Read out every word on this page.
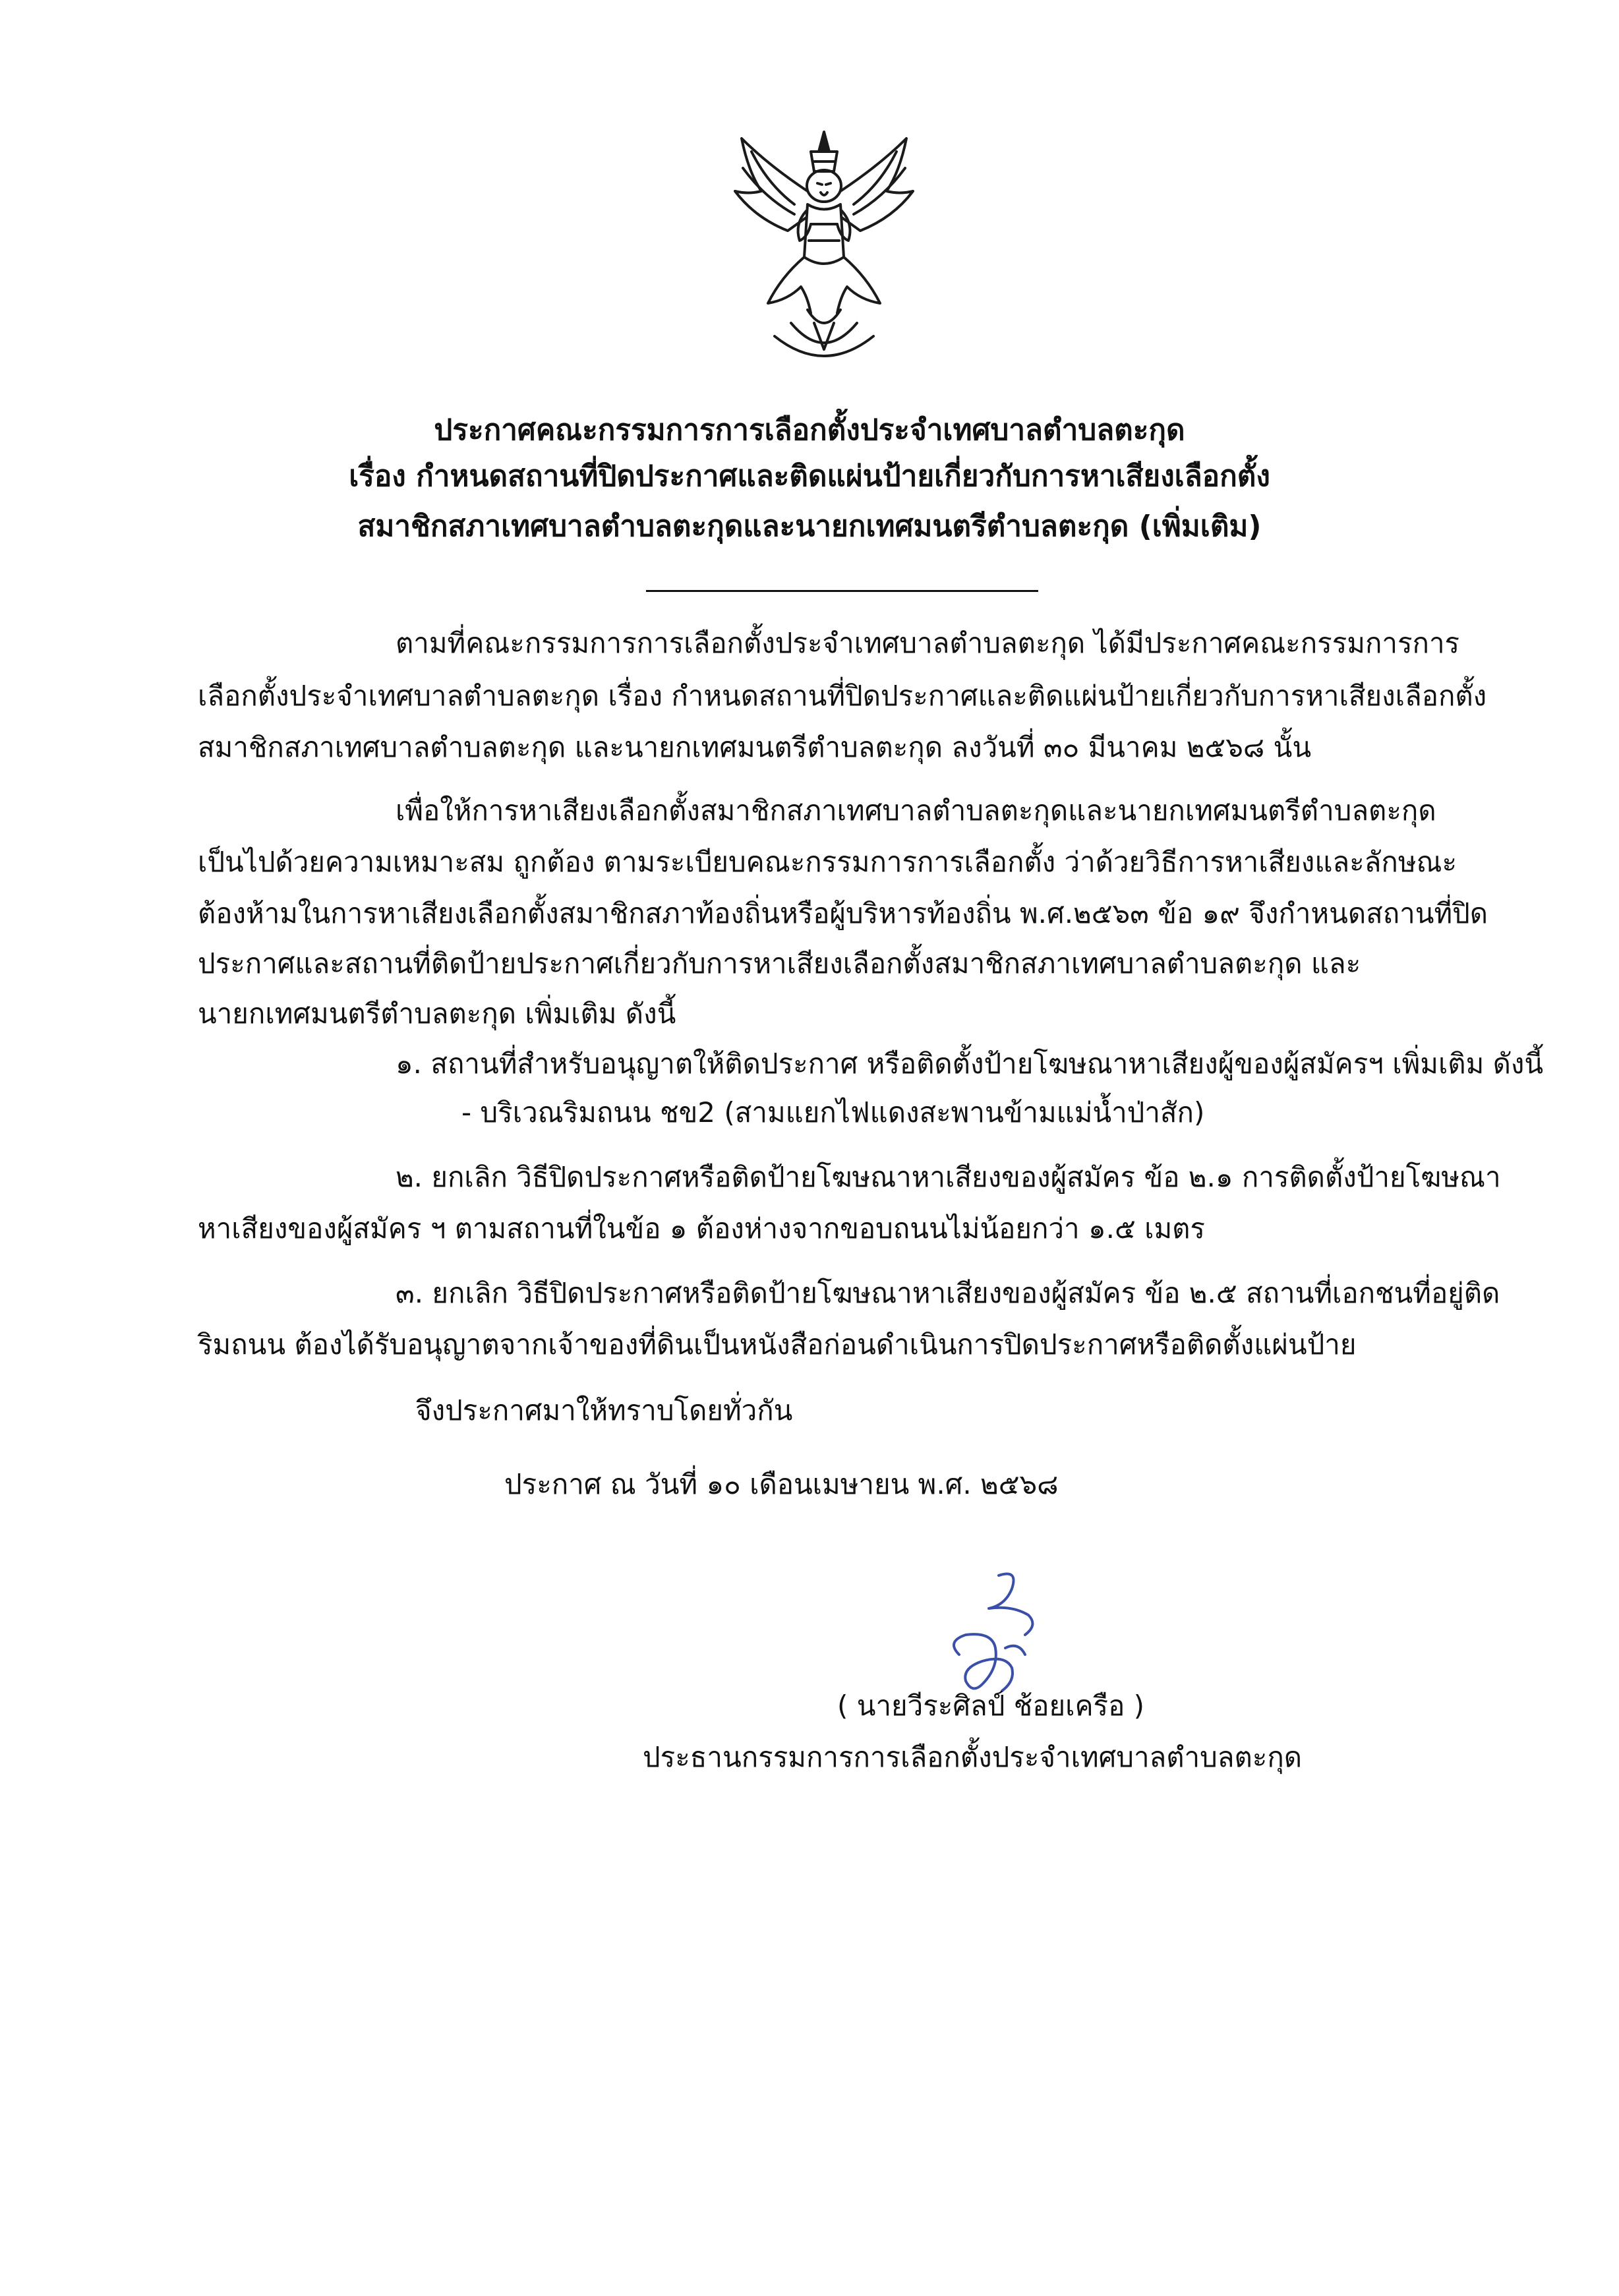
ประกาศคณะกรรมการการเลือกตั้งประจำเทศบาลตำบลตะกุด
เรื่อง กำหนดสถานที่ปิดประกาศและติดแผ่นป้ายเกี่ยวกับการหาเสียงเลือกตั้ง
สมาชิกสภาเทศบาลตำบลตะกุดและนายกเทศมนตรีตำบลตะกุด (เพิ่มเติม)
ตามที่คณะกรรมการการเลือกตั้งประจำเทศบาลตำบลตะกุด ได้มีประกาศคณะกรรมการการ
เลือกตั้งประจำเทศบาลตำบลตะกุด เรื่อง กำหนดสถานที่ปิดประกาศและติดแผ่นป้ายเกี่ยวกับการหาเสียงเลือกตั้ง
สมาชิกสภาเทศบาลตำบลตะกุด และนายกเทศมนตรีตำบลตะกุด ลงวันที่ ๓๐ มีนาคม ๒๕๖๘ นั้น
เพื่อให้การหาเสียงเลือกตั้งสมาชิกสภาเทศบาลตำบลตะกุดและนายกเทศมนตรีตำบลตะกุด
เป็นไปด้วยความเหมาะสม ถูกต้อง ตามระเบียบคณะกรรมการการเลือกตั้ง ว่าด้วยวิธีการหาเสียงและลักษณะ
ต้องห้ามในการหาเสียงเลือกตั้งสมาชิกสภาท้องถิ่นหรือผู้บริหารท้องถิ่น พ.ศ.๒๕๖๓ ข้อ ๑๙ จึงกำหนดสถานที่ปิด
ประกาศและสถานที่ติดป้ายประกาศเกี่ยวกับการหาเสียงเลือกตั้งสมาชิกสภาเทศบาลตำบลตะกุด และ
นายกเทศมนตรีตำบลตะกุด เพิ่มเติม ดังนี้
๑. สถานที่สำหรับอนุญาตให้ติดประกาศ หรือติดตั้งป้ายโฆษณาหาเสียงผู้ของผู้สมัครฯ เพิ่มเติม ดังนี้
- บริเวณริมถนน ชข2 (สามแยกไฟแดงสะพานข้ามแม่น้ำป่าสัก)
๒. ยกเลิก วิธีปิดประกาศหรือติดป้ายโฆษณาหาเสียงของผู้สมัคร ข้อ ๒.๑ การติดตั้งป้ายโฆษณา
หาเสียงของผู้สมัคร ฯ ตามสถานที่ในข้อ ๑ ต้องห่างจากขอบถนนไม่น้อยกว่า ๑.๕ เมตร
๓. ยกเลิก วิธีปิดประกาศหรือติดป้ายโฆษณาหาเสียงของผู้สมัคร ข้อ ๒.๕ สถานที่เอกชนที่อยู่ติด
ริมถนน ต้องได้รับอนุญาตจากเจ้าของที่ดินเป็นหนังสือก่อนดำเนินการปิดประกาศหรือติดตั้งแผ่นป้าย
จึงประกาศมาให้ทราบโดยทั่วกัน
ประกาศ ณ วันที่ ๑๐ เดือนเมษายน พ.ศ. ๒๕๖๘
( นายวีระศิลป์ ช้อยเครือ )
ประธานกรรมการการเลือกตั้งประจำเทศบาลตำบลตะกุด
